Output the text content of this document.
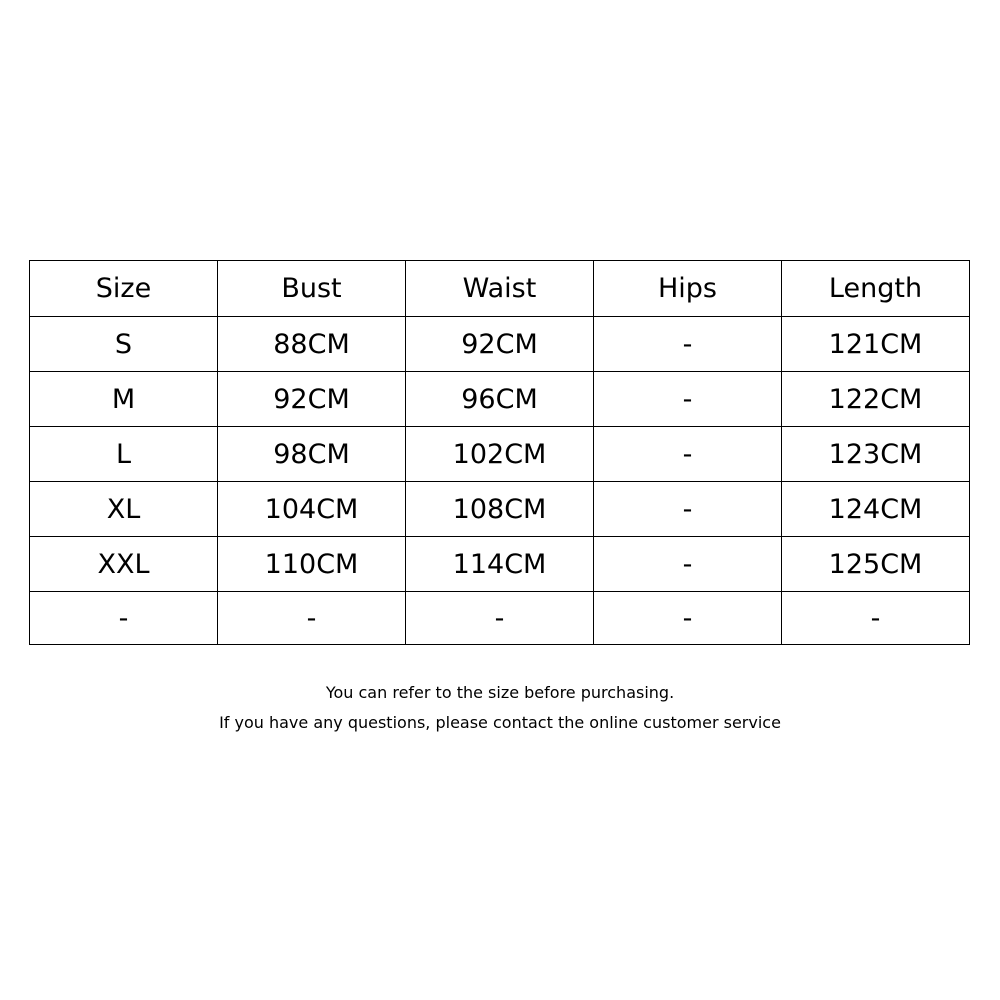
Size	Bust	Waist	Hips	Length
S	88CM	92CM	-	121CM
M	92CM	96CM	-	122CM
L	98CM	102CM	-	123CM
XL	104CM	108CM	-	124CM
XXL	110CM	114CM	-	125CM
-	-	-	-	-
You can refer to the size before purchasing.
If you have any questions, please contact the online customer service
